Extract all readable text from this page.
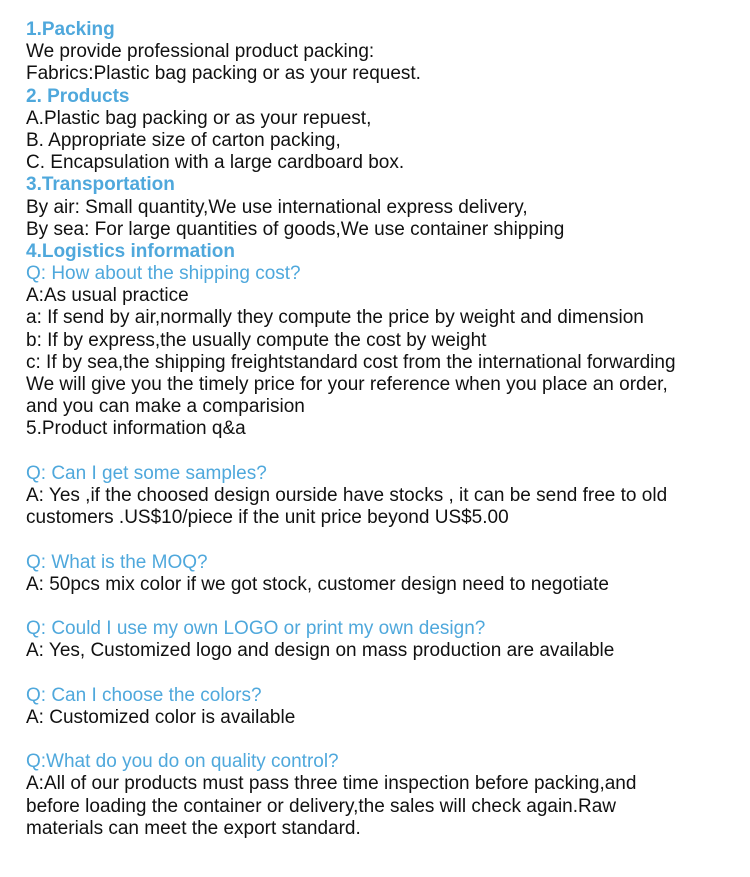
1.Packing
We provide professional product packing:
Fabrics:Plastic bag packing or as your request.
2. Products
A.Plastic bag packing or as your repuest,
B. Appropriate size of carton packing,
C. Encapsulation with a large cardboard box.
3.Transportation
By air: Small quantity,We use international express delivery,
By sea: For large quantities of goods,We use container shipping
4.Logistics information
Q: How about the shipping cost?
A:As usual practice
a: If send by air,normally they compute the price by weight and dimension
b: If by express,the usually compute the cost by weight
c: If by sea,the shipping freightstandard cost from the international forwarding
We will give you the timely price for your reference when you place an order,
and you can make a comparision
5.Product information q&a
Q: Can I get some samples?
A: Yes ,if the choosed design ourside have stocks , it can be send free to old
customers .US$10/piece if the unit price beyond US$5.00
Q: What is the MOQ?
A: 50pcs mix color if we got stock, customer design need to negotiate
Q: Could I use my own LOGO or print my own design?
A: Yes, Customized logo and design on mass production are available
Q: Can I choose the colors?
A: Customized color is available
Q:What do you do on quality control?
A:All of our products must pass three time inspection before packing,and
before loading the container or delivery,the sales will check again.Raw
materials can meet the export standard.
